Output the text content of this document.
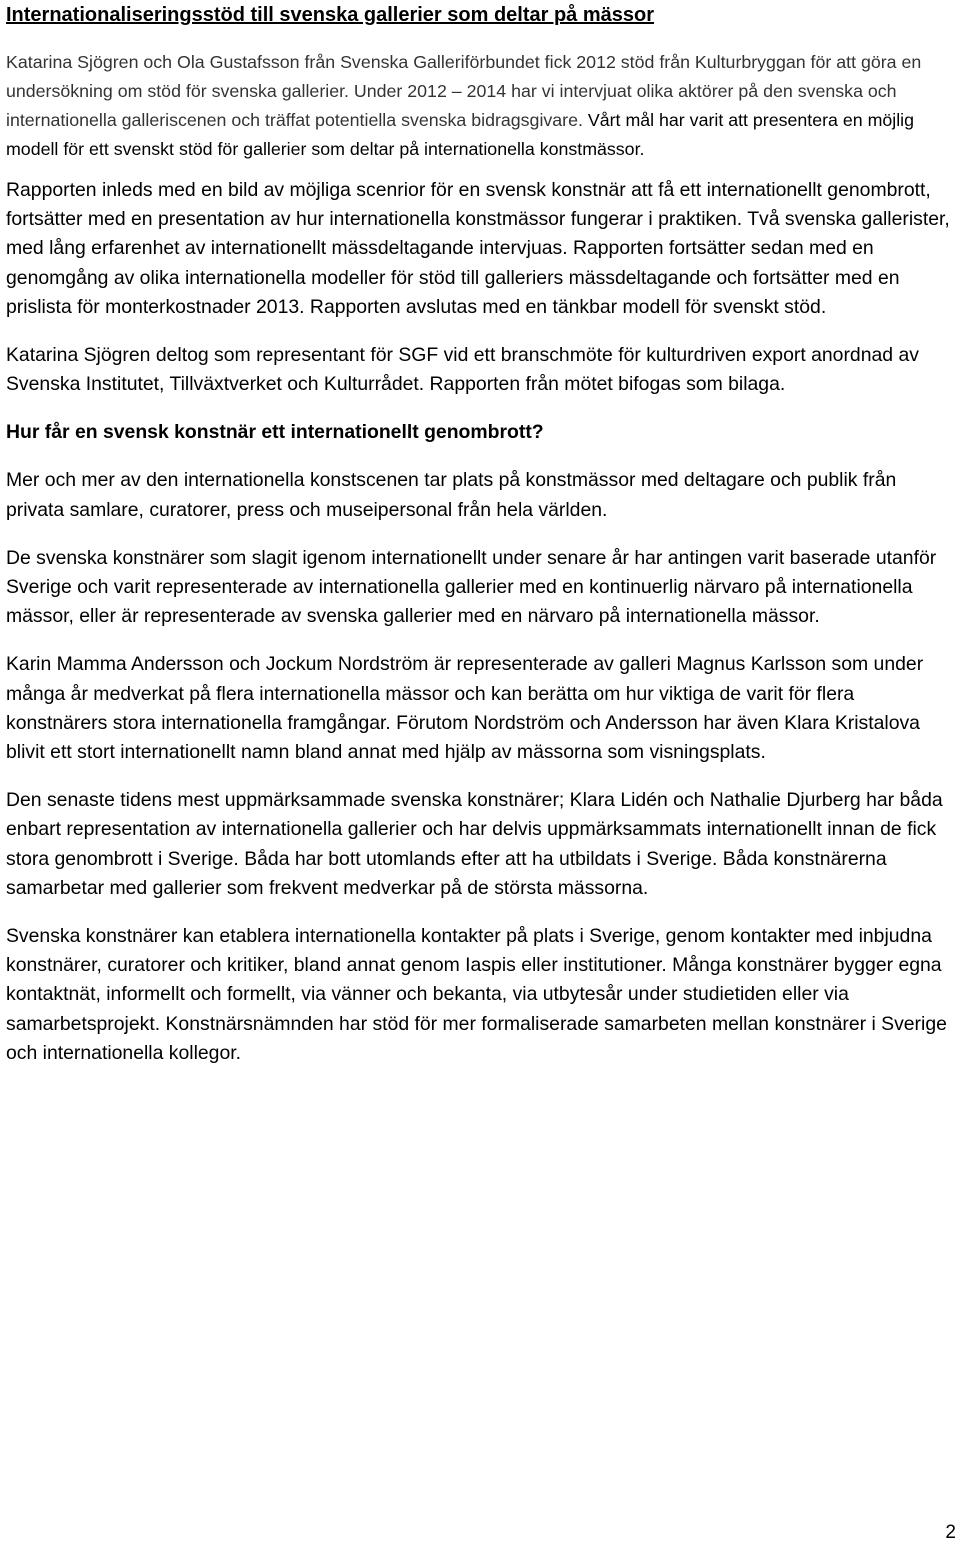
Internationaliseringsstöd till svenska gallerier som deltar på mässor

Katarina Sjögren och Ola Gustafsson från Svenska Galleriförbundet fick 2012 stöd från Kulturbryggan för att göra en undersökning om stöd för svenska gallerier. Under 2012 – 2014 har vi intervjuat olika aktörer på den svenska och internationella galleriscenen och träffat potentiella svenska bidragsgivare. Vårt mål har varit att presentera en möjlig modell för ett svenskt stöd för gallerier som deltar på internationella konstmässor.

Rapporten inleds med en bild av möjliga scenrior för en svensk konstnär att få ett internationellt genombrott, fortsätter med en presentation av hur internationella konstmässor fungerar i praktiken. Två svenska gallerister, med lång erfarenhet av internationellt mässdeltagande intervjuas. Rapporten fortsätter sedan med en genomgång av olika internationella modeller för stöd till galleriers mässdeltagande och fortsätter med en prislista för monterkostnader 2013. Rapporten avslutas med en tänkbar modell för svenskt stöd.

Katarina Sjögren deltog som representant för SGF vid ett branschmöte för kulturdriven export anordnad av Svenska Institutet, Tillväxtverket och Kulturrådet. Rapporten från mötet bifogas som bilaga.

Hur får en svensk konstnär ett internationellt genombrott?

Mer och mer av den internationella konstscenen tar plats på konstmässor med deltagare och publik från privata samlare, curatorer, press och museipersonal från hela världen.

De svenska konstnärer som slagit igenom internationellt under senare år har antingen varit baserade utanför Sverige och varit representerade av internationella gallerier med en kontinuerlig närvaro på internationella mässor, eller är representerade av svenska gallerier med en närvaro på internationella mässor.

Karin Mamma Andersson och Jockum Nordström är representerade av galleri Magnus Karlsson som under många år medverkat på flera internationella mässor och kan berätta om hur viktiga de varit för flera konstnärers stora internationella framgångar. Förutom Nordström och Andersson har även Klara Kristalova blivit ett stort internationellt namn bland annat med hjälp av mässorna som visningsplats.

Den senaste tidens mest uppmärksammade svenska konstnärer; Klara Lidén och Nathalie Djurberg har båda enbart representation av internationella gallerier och har delvis uppmärksammats internationellt innan de fick stora genombrott i Sverige. Båda har bott utomlands efter att ha utbildats i Sverige. Båda konstnärerna samarbetar med gallerier som frekvent medverkar på de största mässorna.

Svenska konstnärer kan etablera internationella kontakter på plats i Sverige, genom kontakter med inbjudna konstnärer, curatorer och kritiker, bland annat genom Iaspis eller institutioner. Många konstnärer bygger egna kontaktnät, informellt och formellt, via vänner och bekanta, via utbytesår under studietiden eller via samarbetsprojekt. Konstnärsnämnden har stöd för mer formaliserade samarbeten mellan konstnärer i Sverige och internationella kollegor.

2
